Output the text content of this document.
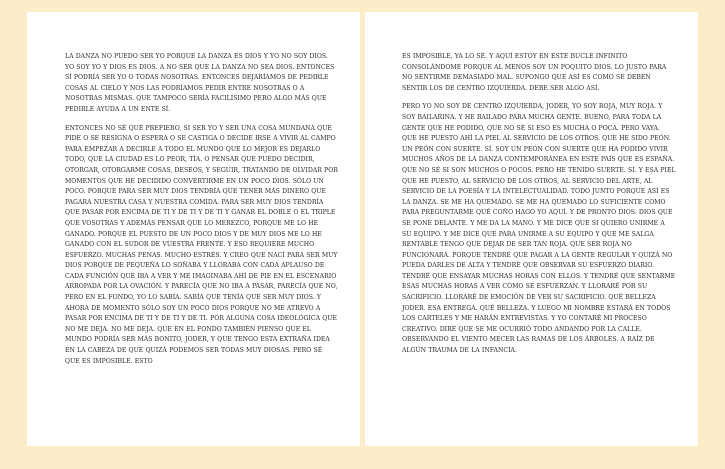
LA DANZA NO PUEDO SER YO PORQUE LA DANZA ES DIOS Y YO NO SOY DIOS. YO SOY YO Y DIOS ES DIOS. A NO SER QUE LA DANZA NO SEA DIOS. ENTONCES SÍ PODRÍA SER YO O TODAS NOSOTRAS. ENTONCES DEJARÍAMOS DE PEDIRLE COSAS AL CIELO Y NOS LAS PODRÍAMOS PEDIR ENTRE NOSOTRAS O A NOSOTRAS MISMAS. QUE TAMPOCO SERÍA FACILÍSIMO PERO ALGO MÁS QUE PEDIRLE AYUDA A UN ENTE SÍ.

ENTONCES NO SÉ QUÉ PREFIERO, SI SER YO Y SER UNA COSA MUNDANA QUE PIDE O SE RESIGNA O ESPERA O SE CASTIGA O DECIDE IRSE A VIVIR AL CAMPO PARA EMPEZAR A DECIRLE A TODO EL MUNDO QUE LO MEJOR ES DEJARLO TODO, QUE LA CIUDAD ES LO PEOR, TÍA. O PENSAR QUE PUEDO DECIDIR, OTORGAR, OTORGARME COSAS, DESEOS, Y SEGUIR, TRATANDO DE OLVIDAR POR MOMENTOS QUE HE DECIDIDO CONVERTIRME EN UN POCO DIOS. SÓLO UN POCO. PORQUE PARA SER MUY DIOS TENDRÍA QUE TENER MÁS DINERO QUE PAGARA NUESTRA CASA Y NUESTRA COMIDA. PARA SER MUY DIOS TENDRÍA QUE PASAR POR ENCIMA DE TI Y DE TI Y DE TI Y GANAR EL DOBLE O EL TRIPLE QUE VOSOTRAS Y ADEMÁS PENSAR QUE LO MEREZCO, PORQUE ME LO HE GANADO. PORQUE EL PUESTO DE UN POCO DIOS Y DE MUY DIOS ME LO HE GANADO CON EL SUDOR DE VUESTRA FRENTE. Y ESO REQUIERE MUCHO ESFUERZO. MUCHAS PENAS. MUCHO ESTRÉS. Y CREO QUE NACÍ PARA SER MUY DIOS PORQUE DE PEQUEÑA LO SOÑABA Y LLORABA CON CADA APLAUSO DE CADA FUNCIÓN QUE IBA A VER Y ME IMAGINABA AHÍ DE PIE EN EL ESCENARIO ARROPADA POR LA OVACIÓN. Y PARECÍA QUE NO IBA A PASAR, PARECÍA QUE NO, PERO EN EL FONDO, YO LO SABÍA. SABÍA QUE TENÍA QUE SER MUY DIOS. Y AHORA DE MOMENTO SÓLO SOY UN POCO DIOS PORQUE NO ME ATREVO A PASAR POR ENCIMA DE TI Y DE TI Y DE TI. POR ALGUNA COSA IDEOLÓGICA QUE NO ME DEJA. NO ME DEJA. QUE EN EL FONDO TAMBIÉN PIENSO QUE EL MUNDO PODRÍA SER MÁS BONITO, JODER, Y QUE TENGO ESTA EXTRAÑA IDEA EN LA CABEZA DE QUE QUIZÁ PODEMOS SER TODAS MUY DIOSAS. PERO SÉ QUE ES IMPOSIBLE. ESTO

ES IMPOSIBLE, YA LO SÉ. Y AQUÍ ESTOY EN ESTE BUCLE INFINITO CONSOLÁNDOME PORQUE AL MENOS SOY UN POQUITO DIOS. LO JUSTO PARA NO SENTIRME DEMASIADO MAL. SUPONGO QUE ASÍ ES COMO SE DEBEN SENTIR LOS DE CENTRO IZQUIERDA. DEBE SER ALGO ASÍ.

PERO YO NO SOY DE CENTRO IZQUIERDA, JODER, YO SOY ROJA, MUY ROJA. Y SOY BAILARINA. Y HE BAILADO PARA MUCHA GENTE. BUENO, PARA TODA LA GENTE QUE HE PODIDO, QUE NO SÉ SI ESO ES MUCHA O POCA. PERO VAYA. QUE HE PUESTO AHÍ LA PIEL AL SERVICIO DE LOS OTROS. QUE HE SIDO PEÓN. UN PEÓN CON SUERTE. SÍ. SOY UN PEÓN CON SUERTE QUE HA PODIDO VIVIR MUCHOS AÑOS DE LA DANZA CONTEMPORÁNEA EN ESTE PAÍS QUE ES ESPAÑA. QUE NO SÉ SI SON MUCHOS O POCOS. PERO HE TENIDO SUERTE. SÍ. Y ESA PIEL QUE HE PUESTO, AL SERVICIO DE LOS OTROS, AL SERVICIO DEL ARTE, AL SERVICIO DE LA POESÍA Y LA INTELECTUALIDAD. TODO JUNTO PORQUE ASÍ ES LA DANZA. SE ME HA QUEMADO. SE ME HA QUEMADO LO SUFICIENTE COMO PARA PREGUNTARME QUÉ COÑO HAGO YO AQUÍ. Y DE PRONTO DIOS. DIOS QUE SE PONE DELANTE. Y ME DA LA MANO. Y ME DICE QUE SI QUIERO UNIRME A SU EQUIPO. Y ME DICE QUE PARA UNIRME A SU EQUIPO Y QUE ME SALGA RENTABLE TENGO QUE DEJAR DE SER TAN ROJA. QUE SER ROJA NO FUNCIONARÁ. PORQUE TENDRÉ QUE PAGAR A LA GENTE REGULAR Y QUIZÁ NO PUEDA DARLES DE ALTA Y TENDRÉ QUE OBSERVAR SU ESFUERZO DIARIO. TENDRÉ QUE ENSAYAR MUCHAS HORAS CON ELLOS. Y TENDRÉ QUE SENTARME ESAS MUCHAS HORAS A VER CÓMO SE ESFUERZAN. Y LLORARÉ POR SU SACRIFICIO. LLORARÉ DE EMOCIÓN DE VER SU SACRIFICIO. QUÉ BELLEZA JODER. ESA ENTREGA. QUÉ BELLEZA. Y LUEGO MI NOMBRE ESTARÁ EN TODOS LOS CARTELES Y ME HARÁN ENTREVISTAS. Y YO CONTARÉ MI PROCESO CREATIVO. DIRÉ QUE SE ME OCURRIÓ TODO ANDANDO POR LA CALLE. OBSERVANDO EL VIENTO MECER LAS RAMAS DE LOS ÁRBOLES. A RAÍZ DE ALGÚN TRAUMA DE LA INFANCIA.
